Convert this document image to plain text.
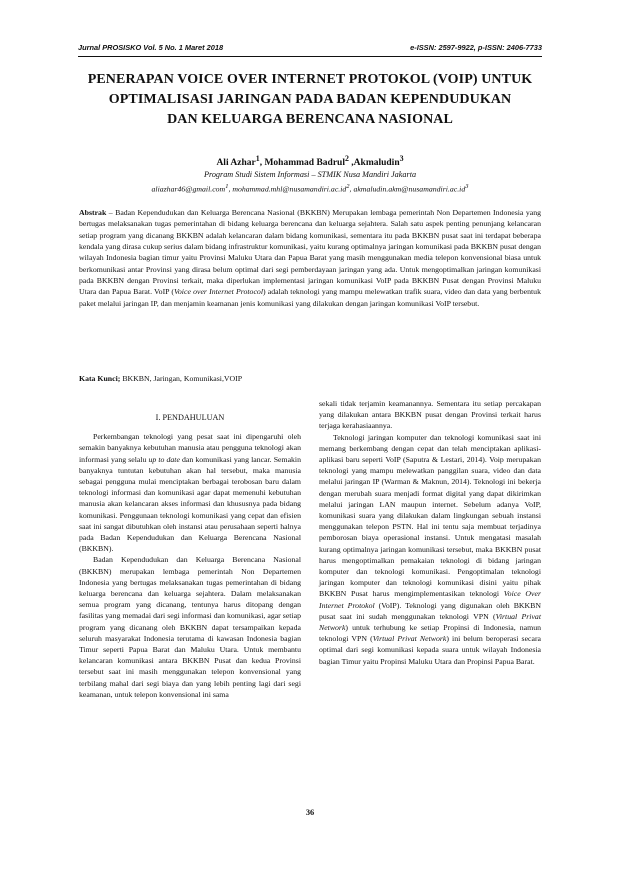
Jurnal PROSISKO Vol. 5 No. 1 Maret 2018	e-ISSN: 2597-9922, p-ISSN: 2406-7733
PENERAPAN VOICE OVER INTERNET PROTOKOL (VOIP) UNTUK
OPTIMALISASI JARINGAN PADA BADAN KEPENDUDUKAN
DAN KELUARGA BERENCANA NASIONAL
Ali Azhar$^1$, Mohammad Badrul$^2$ ,Akmaludin$^3$
Program Studi Sistem Informasi – STMIK Nusa Mandiri Jakarta
aliazhar46@gmail.com$^1$, $mohammad.mhl@nusamandiri.ac.id^2$, $akmaludin.akm@nusamandiri.ac.id^3$
Abstrak – Badan Kependudukan dan Keluarga Berencana Nasional (BKKBN) Merupakan lembaga pemerintah Non Departemen Indonesia yang bertugas melaksanakan tugas pemerintahan di bidang keluarga berencana dan keluarga sejahtera. Salah satu aspek penting penunjang kelancaran setiap program yang dicanang BKKBN adalah kelancaran dalam bidang komunikasi, sementara itu pada BKKBN pusat saat ini terdapat beberapa kendala yang dirasa cukup serius dalam bidang infrastruktur komunikasi, yaitu kurang optimalnya jaringan komunikasi pada BKKBN pusat dengan wilayah Indonesia bagian timur yaitu Provinsi Maluku Utara dan Papua Barat yang masih menggunakan media telepon konvensional biasa untuk berkomunikasi antar Provinsi yang dirasa belum optimal dari segi pemberdayaan jaringan yang ada. Untuk mengoptimalkan jaringan komunikasi pada BKKBN dengan Provinsi terkait, maka diperlukan implementasi jaringan komunikasi VoIP pada BKKBN Pusat dengan Provinsi Maluku Utara dan Papua Barat. VoIP (Voice over Internet Protocol) adalah teknologi yang mampu melewatkan trafik suara, video dan data yang berbentuk paket melalui jaringan IP, dan menjamin keamanan jenis komunikasi yang dilakukan dengan jaringan komunikasi VoIP tersebut.
Kata Kunci; BKKBN, Jaringan, Komunikasi,VOIP
I. PENDAHULUAN

Perkembangan teknologi yang pesat saat ini dipengaruhi oleh semakin banyaknya kebutuhan manusia atau pengguna teknologi akan informasi yang selalu up to date dan komunikasi yang lancar. Semakin banyaknya tuntutan kebutuhan akan hal tersebut, maka manusia sebagai pengguna mulai menciptakan berbagai terobosan baru dalam teknologi informasi dan komunikasi agar dapat memenuhi kebutuhan manusia akan kelancaran akses informasi dan khususnya pada bidang komunikasi. Penggunaan teknologi komunikasi yang cepat dan efisien saat ini sangat dibutuhkan oleh instansi atau perusahaan seperti halnya pada Badan Kependudukan dan Keluarga Berencana Nasional (BKKBN).

Badan Kependudukan dan Keluarga Berencana Nasional (BKKBN) merupakan lembaga pemerintah Non Departemen Indonesia yang bertugas melaksanakan tugas pemerintahan di bidang keluarga berencana dan keluarga sejahtera. Dalam melaksanakan semua program yang dicanang, tentunya harus ditopang dengan fasilitas yang memadai dari segi informasi dan komunikasi, agar setiap program yang dicanang oleh BKKBN dapat tersampaikan kepada seluruh masyarakat Indonesia terutama di kawasan Indonesia bagian Timur seperti Papua Barat dan Maluku Utara. Untuk membantu kelancaran komunikasi antara BKKBN Pusat dan kedua Provinsi tersebut saat ini masih menggunakan telepon konvensional yang terbilang mahal dari segi biaya dan yang lebih penting lagi dari segi keamanan, untuk telepon konvensional ini sama

sekali tidak terjamin keamanannya. Sementara itu setiap percakapan yang dilakukan antara BKKBN pusat dengan Provinsi terkait harus terjaga kerahasiaannya.

Teknologi jaringan komputer dan teknologi komunikasi saat ini memang berkembang dengan cepat dan telah menciptakan aplikasi-aplikasi baru seperti VoIP (Saputra & Lestari, 2014). Voip merupakan teknologi yang mampu melewatkan panggilan suara, video dan data melalui jaringan IP (Warman & Maknun, 2014). Teknologi ini bekerja dengan merubah suara menjadi format digital yang dapat dikirimkan melalui jaringan LAN maupun internet. Sebelum adanya VoIP, komunikasi suara yang dilakukan dalam lingkungan sebuah instansi menggunakan telepon PSTN. Hal ini tentu saja membuat terjadinya pemborosan biaya operasional instansi. Untuk mengatasi masalah kurang optimalnya jaringan komunikasi tersebut, maka BKKBN pusat harus mengoptimalkan pemakaian teknologi di bidang jaringan komputer dan teknologi komunikasi. Pengoptimalan teknologi jaringan komputer dan teknologi komunikasi disini yaitu pihak BKKBN Pusat harus mengimplementasikan teknologi Voice Over Internet Protokol (VoIP). Teknologi yang digunakan oleh BKKBN pusat saat ini sudah menggunakan teknologi VPN (Virtual Privat Network) untuk terhubung ke setiap Propinsi di Indonesia, namun teknologi VPN (Virtual Privat Network) ini belum beroperasi secara optimal dari segi komunikasi kepada suara untuk wilayah Indonesia bagian Timur yaitu Propinsi Maluku Utara dan Propinsi Papua Barat.

36
